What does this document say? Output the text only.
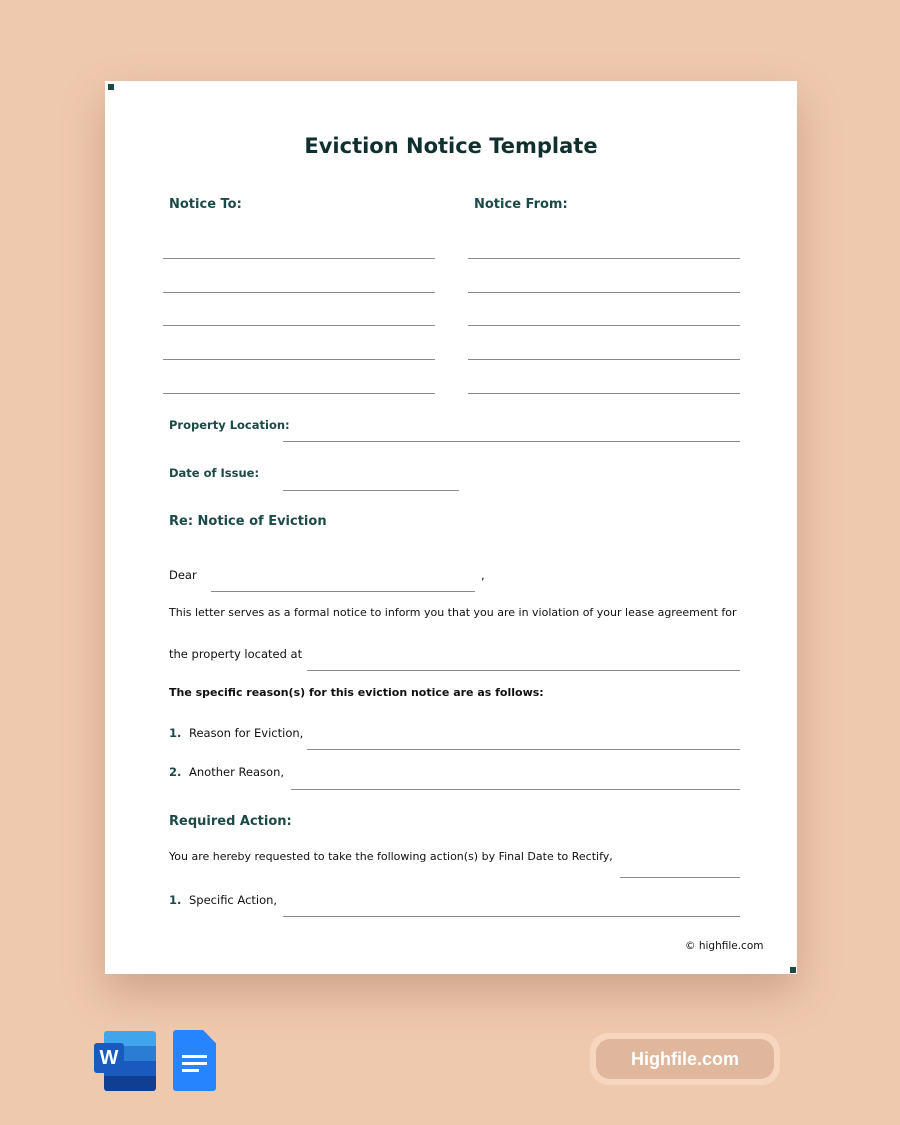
Eviction Notice Template
Notice To:	Notice From:
Property Location:
Date of Issue:
Re: Notice of Eviction
Dear	,
This letter serves as a formal notice to inform you that you are in violation of your lease agreement for
the property located at
The specific reason(s) for this eviction notice are as follows:
1. Reason for Eviction,
2. Another Reason,
Required Action:
You are hereby requested to take the following action(s) by Final Date to Rectify,
1. Specific Action,
© highfile.com
W	Highfile.com
